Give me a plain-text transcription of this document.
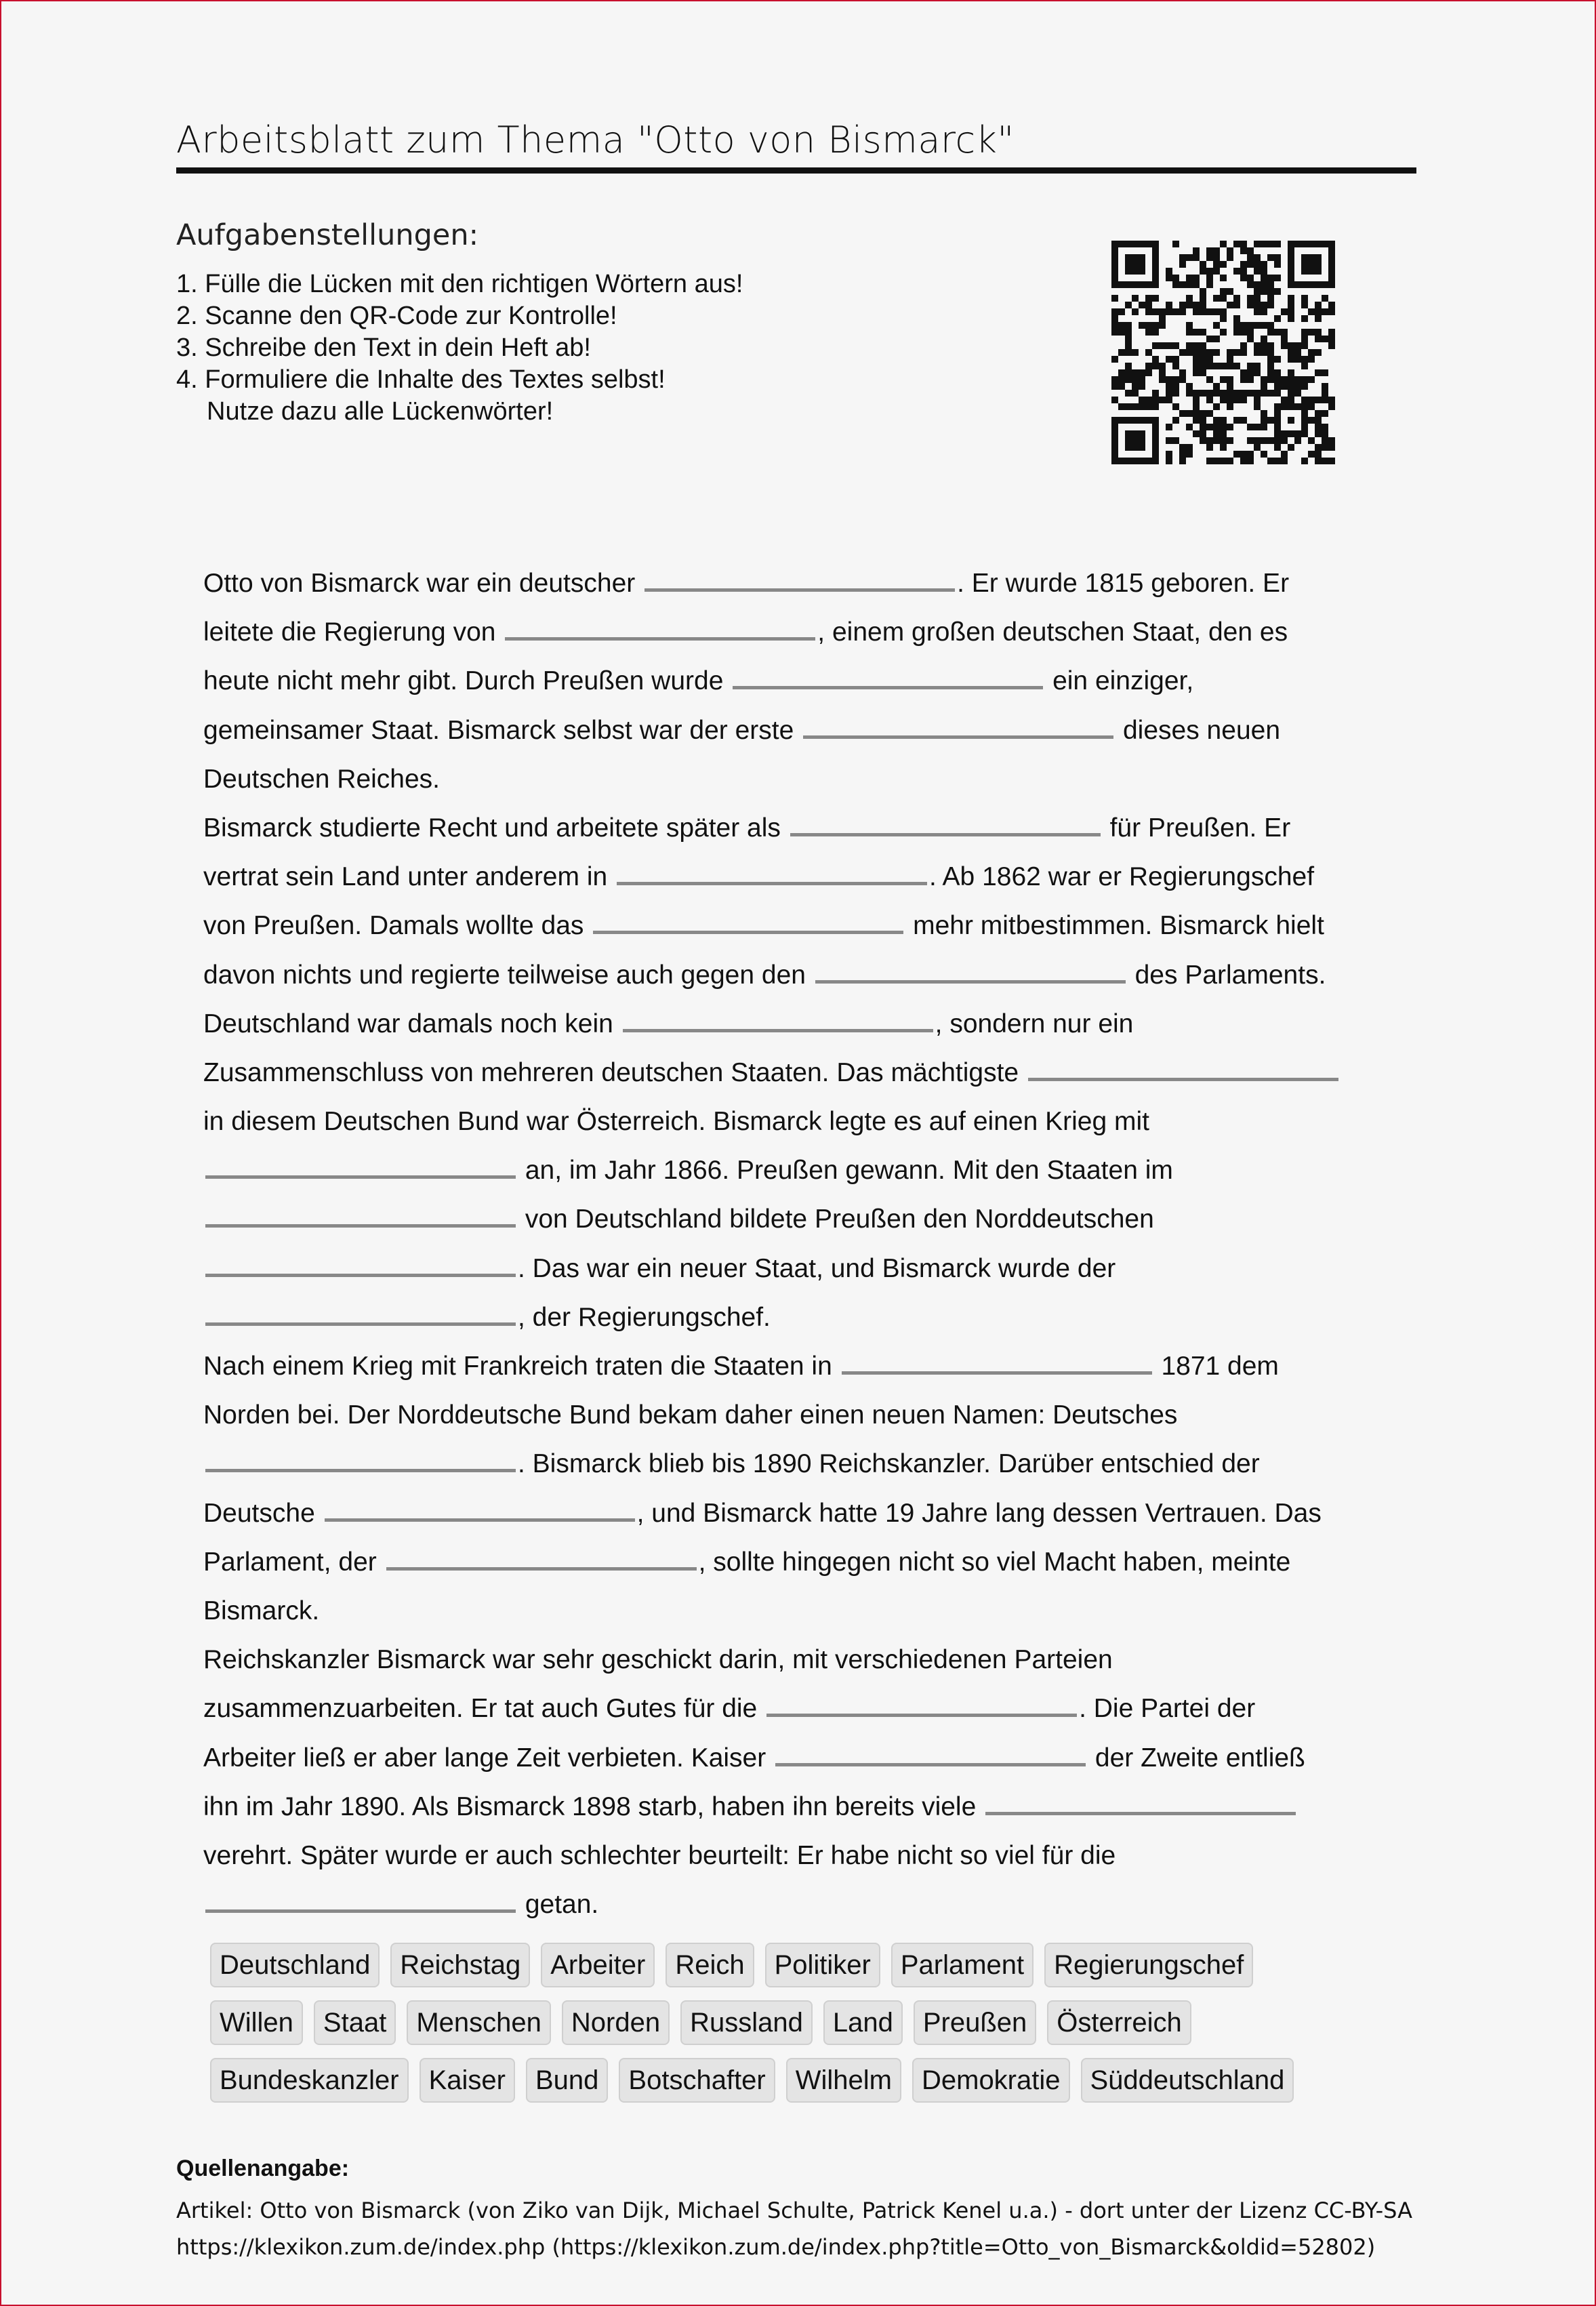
Arbeitsblatt zum Thema "Otto von Bismarck"
Aufgabenstellungen:
1. Fülle die Lücken mit den richtigen Wörtern aus!
2. Scanne den QR-Code zur Kontrolle!
3. Schreibe den Text in dein Heft ab!
4. Formuliere die Inhalte des Textes selbst!
Nutze dazu alle Lückenwörter!
Otto von Bismarck war ein deutscher	. Er wurde 1815 geboren. Er
leitete die Regierung von	, einem großen deutschen Staat, den es
heute nicht mehr gibt. Durch Preußen wurde	ein einziger,
gemeinsamer Staat. Bismarck selbst war der erste	dieses neuen
Deutschen Reiches.
Bismarck studierte Recht und arbeitete später als	für Preußen. Er
vertrat sein Land unter anderem in	. Ab 1862 war er Regierungschef
von Preußen. Damals wollte das	mehr mitbestimmen. Bismarck hielt
davon nichts und regierte teilweise auch gegen den	des Parlaments.
Deutschland war damals noch kein	, sondern nur ein
Zusammenschluss von mehreren deutschen Staaten. Das mächtigste
in diesem Deutschen Bund war Österreich. Bismarck legte es auf einen Krieg mit
an, im Jahr 1866. Preußen gewann. Mit den Staaten im
von Deutschland bildete Preußen den Norddeutschen
. Das war ein neuer Staat, und Bismarck wurde der
, der Regierungschef.
Nach einem Krieg mit Frankreich traten die Staaten in	1871 dem
Norden bei. Der Norddeutsche Bund bekam daher einen neuen Namen: Deutsches
. Bismarck blieb bis 1890 Reichskanzler. Darüber entschied der
Deutsche	, und Bismarck hatte 19 Jahre lang dessen Vertrauen. Das
Parlament, der	, sollte hingegen nicht so viel Macht haben, meinte
Bismarck.
Reichskanzler Bismarck war sehr geschickt darin, mit verschiedenen Parteien
zusammenzuarbeiten. Er tat auch Gutes für die	. Die Partei der
Arbeiter ließ er aber lange Zeit verbieten. Kaiser	der Zweite entließ
ihn im Jahr 1890. Als Bismarck 1898 starb, haben ihn bereits viele
verehrt. Später wurde er auch schlechter beurteilt: Er habe nicht so viel für die
getan.
Deutschland	Reichstag	Arbeiter	Reich	Politiker	Parlament	Regierungschef
Willen	Staat	Menschen	Norden	Russland	Land	Preußen	Österreich
Bundeskanzler	Kaiser	Bund	Botschafter	Wilhelm	Demokratie	Süddeutschland
Quellenangabe:
Artikel: Otto von Bismarck (von Ziko van Dijk, Michael Schulte, Patrick Kenel u.a.) - dort unter der Lizenz CC-BY-SA
https://klexikon.zum.de/index.php (https://klexikon.zum.de/index.php?title=Otto_von_Bismarck&oldid=52802)
